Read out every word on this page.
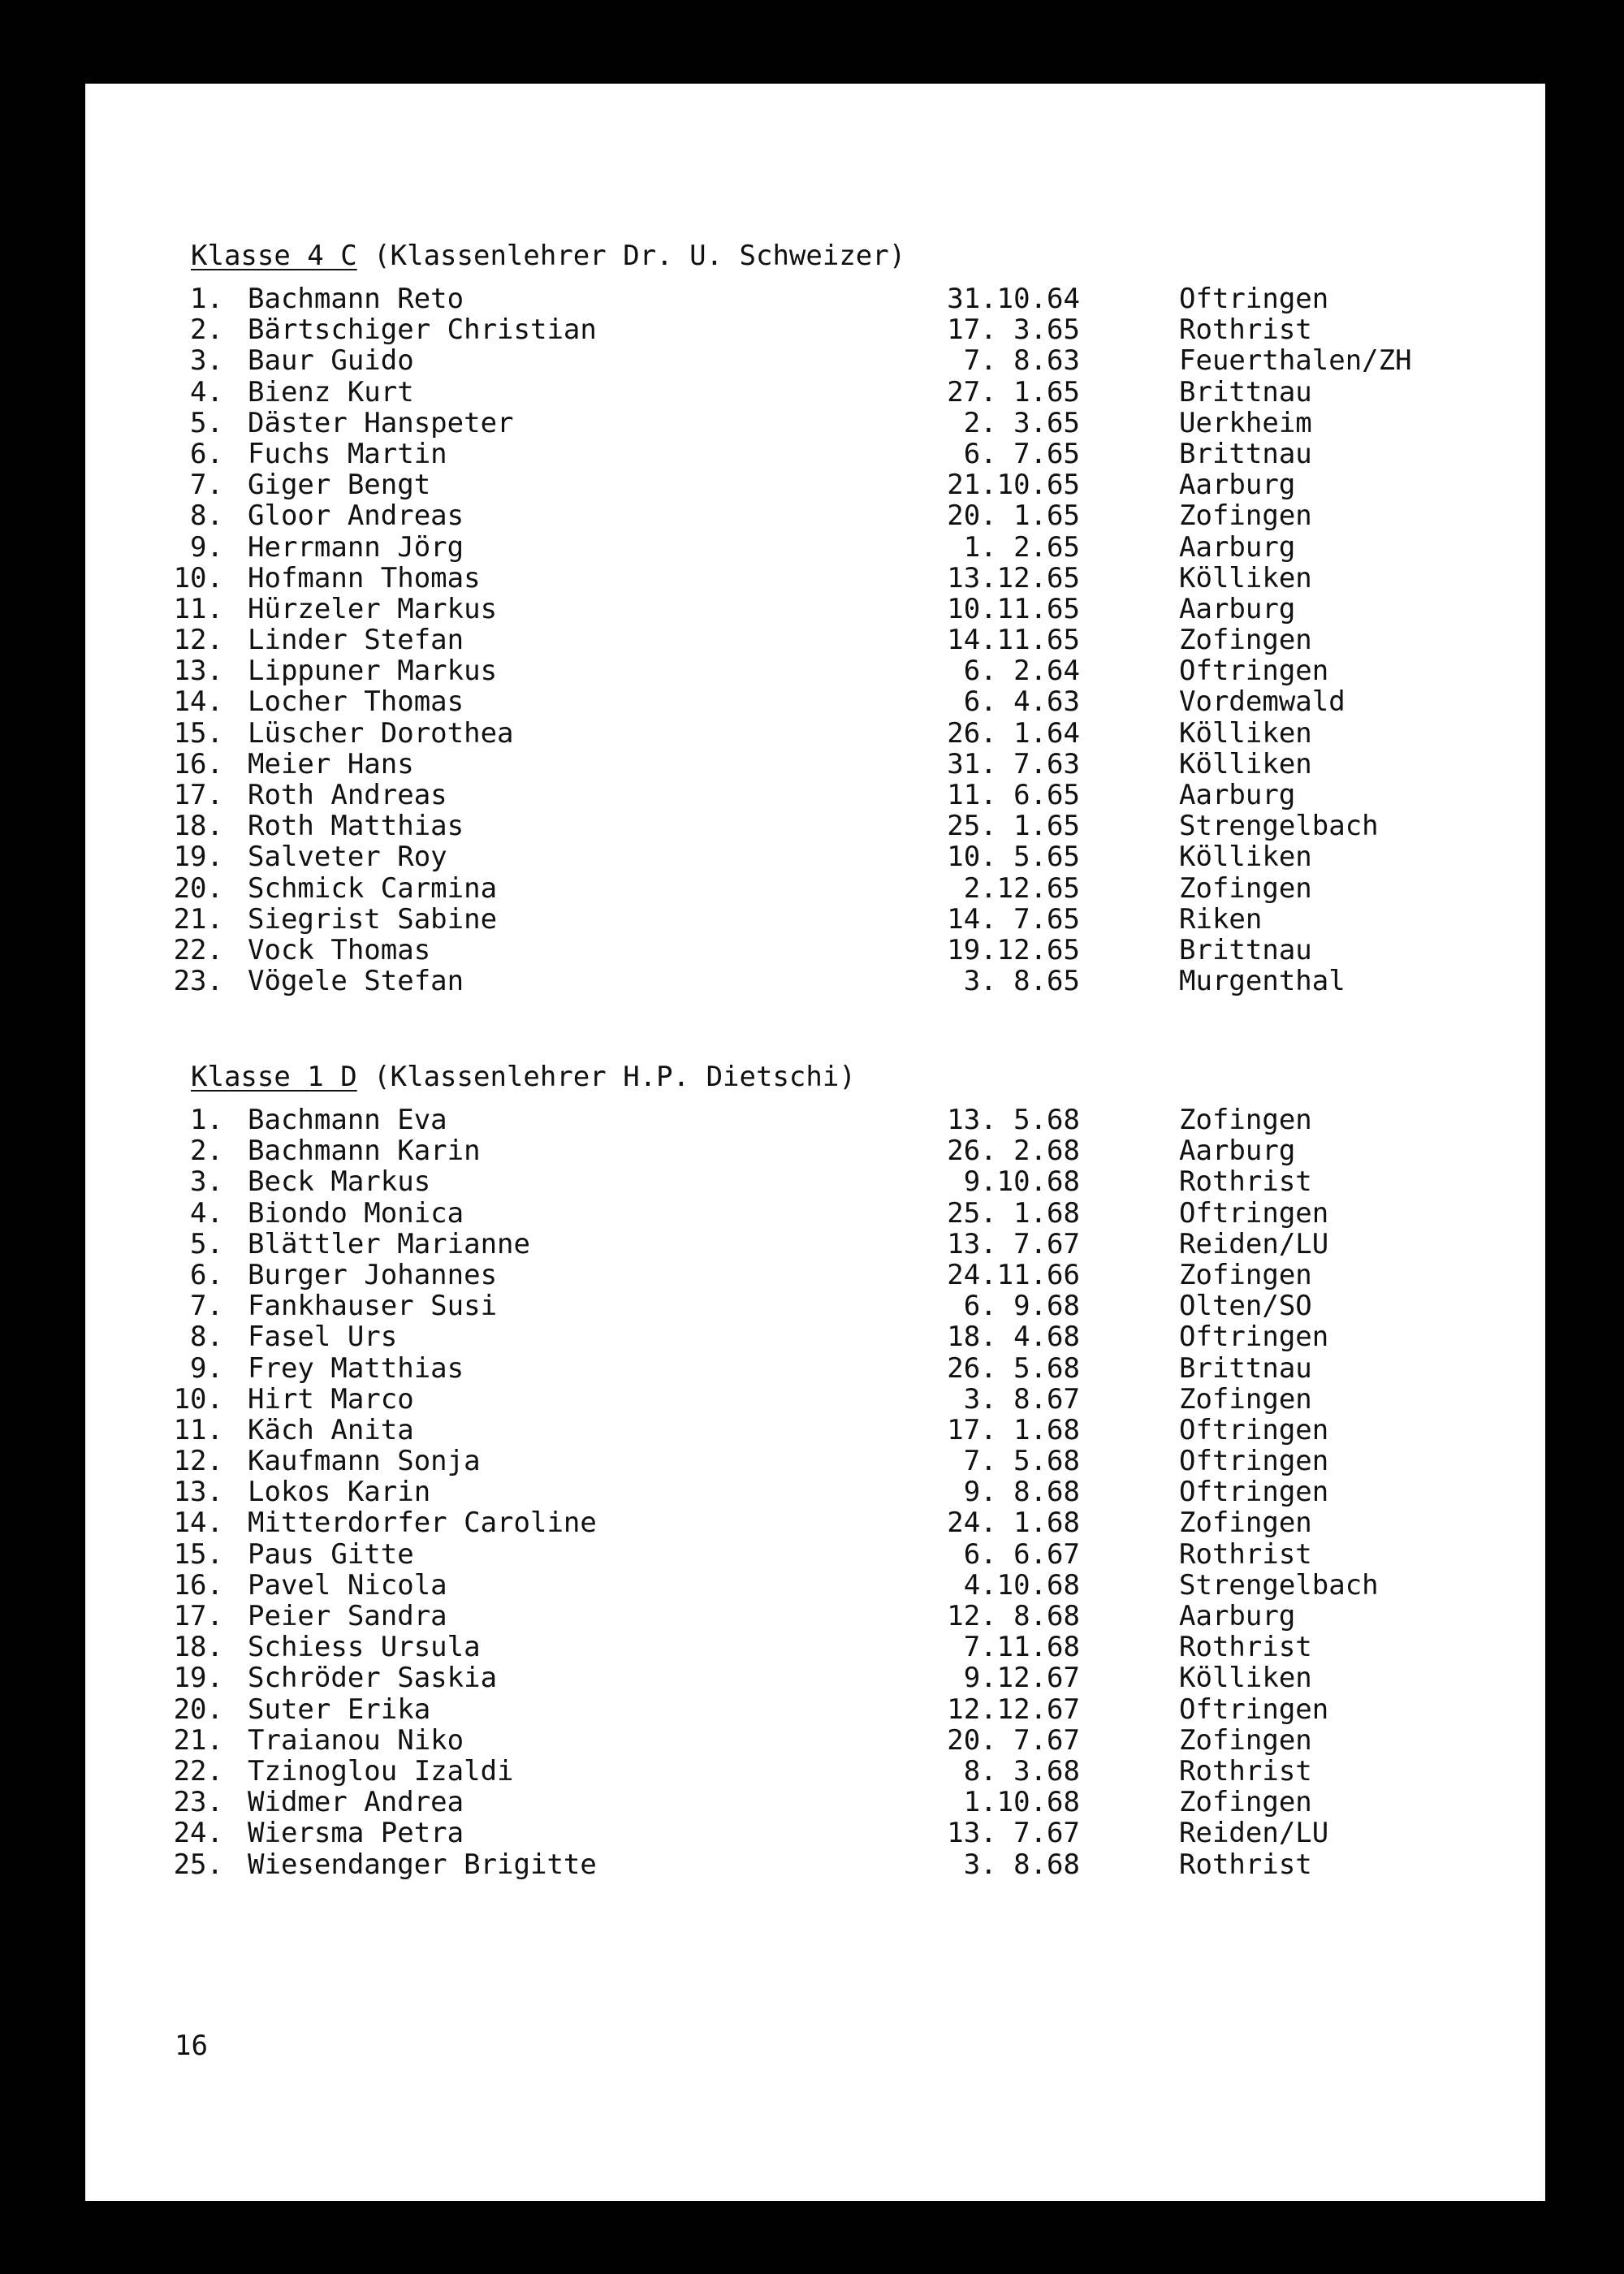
Klasse 4 C (Klassenlehrer Dr. U. Schweizer)
1. Bachmann Reto	31.10.64	Oftringen
2. Bärtschiger Christian	17. 3.65	Rothrist
3. Baur Guido	7. 8.63	Feuerthalen/ZH
4. Bienz Kurt	27. 1.65	Brittnau
5. Däster Hanspeter	2. 3.65	Uerkheim
6. Fuchs Martin	6. 7.65	Brittnau
7. Giger Bengt	21.10.65	Aarburg
8. Gloor Andreas	20. 1.65	Zofingen
9. Herrmann Jörg	1. 2.65	Aarburg
10. Hofmann Thomas	13.12.65	Kölliken
11. Hürzeler Markus	10.11.65	Aarburg
12. Linder Stefan	14.11.65	Zofingen
13. Lippuner Markus	6. 2.64	Oftringen
14. Locher Thomas	6. 4.63	Vordemwald
15. Lüscher Dorothea	26. 1.64	Kölliken
16. Meier Hans	31. 7.63	Kölliken
17. Roth Andreas	11. 6.65	Aarburg
18. Roth Matthias	25. 1.65	Strengelbach
19. Salveter Roy	10. 5.65	Kölliken
20. Schmick Carmina	2.12.65	Zofingen
21. Siegrist Sabine	14. 7.65	Riken
22. Vock Thomas	19.12.65	Brittnau
23. Vögele Stefan	3. 8.65	Murgenthal
Klasse 1 D (Klassenlehrer H.P. Dietschi)
1. Bachmann Eva	13. 5.68	Zofingen
2. Bachmann Karin	26. 2.68	Aarburg
3. Beck Markus	9.10.68	Rothrist
4. Biondo Monica	25. 1.68	Oftringen
5. Blättler Marianne	13. 7.67	Reiden/LU
6. Burger Johannes	24.11.66	Zofingen
7. Fankhauser Susi	6. 9.68	Olten/SO
8. Fasel Urs	18. 4.68	Oftringen
9. Frey Matthias	26. 5.68	Brittnau
10. Hirt Marco	3. 8.67	Zofingen
11. Käch Anita	17. 1.68	Oftringen
12. Kaufmann Sonja	7. 5.68	Oftringen
13. Lokos Karin	9. 8.68	Oftringen
14. Mitterdorfer Caroline	24. 1.68	Zofingen
15. Paus Gitte	6. 6.67	Rothrist
16. Pavel Nicola	4.10.68	Strengelbach
17. Peier Sandra	12. 8.68	Aarburg
18. Schiess Ursula	7.11.68	Rothrist
19. Schröder Saskia	9.12.67	Kölliken
20. Suter Erika	12.12.67	Oftringen
21. Traianou Niko	20. 7.67	Zofingen
22. Tzinoglou Izaldi	8. 3.68	Rothrist
23. Widmer Andrea	1.10.68	Zofingen
24. Wiersma Petra	13. 7.67	Reiden/LU
25. Wiesendanger Brigitte	3. 8.68	Rothrist
16
